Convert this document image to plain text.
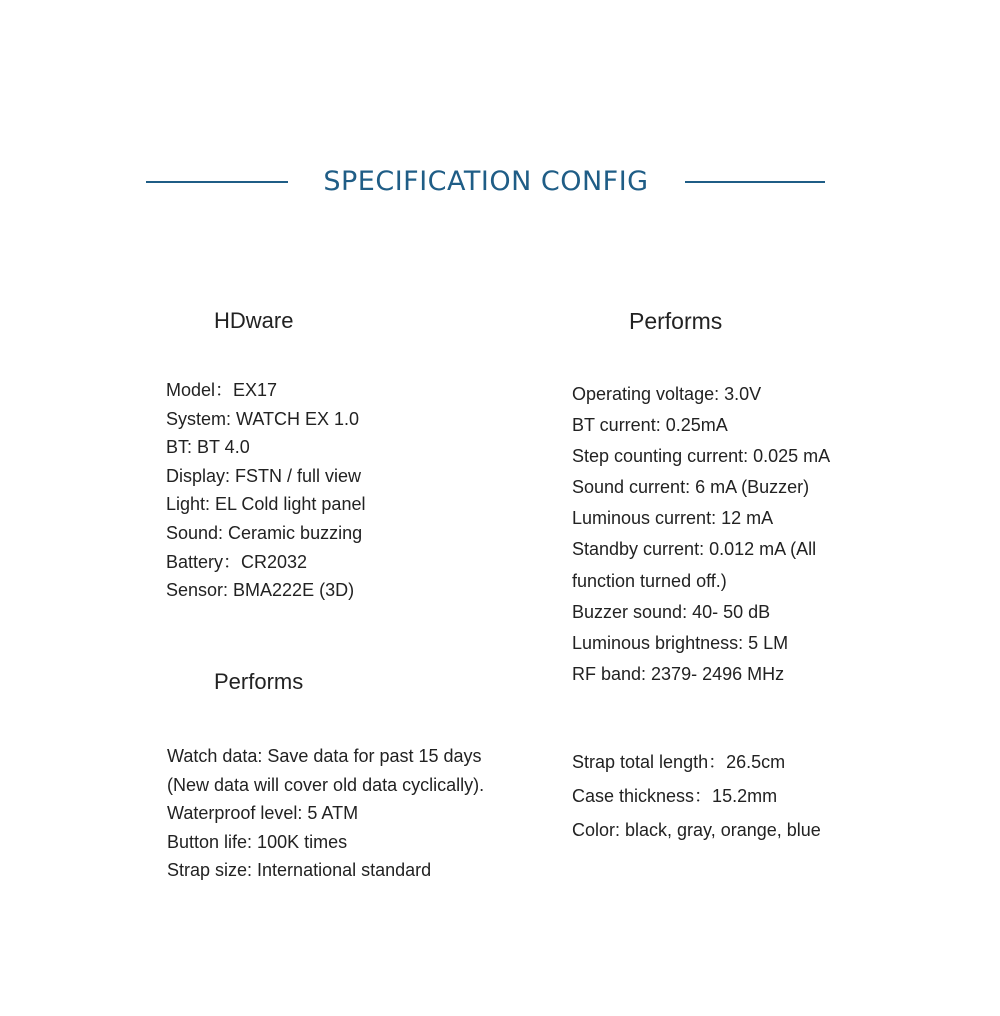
SPECIFICATION CONFIG
HDware
Model：EX17
System: WATCH EX 1.0
BT: BT 4.0
Display: FSTN / full view
Light: EL Cold light panel
Sound: Ceramic buzzing
Battery：CR2032
Sensor: BMA222E (3D)
Performs
Watch data: Save data for past 15 days (New data will cover old data cyclically).
Waterproof level: 5 ATM
Button life: 100K times
Strap size: International standard
Performs
Operating voltage: 3.0V
BT current: 0.25mA
Step counting current: 0.025 mA
Sound current: 6 mA (Buzzer)
Luminous current: 12 mA
Standby current: 0.012 mA (All function turned off.)
Buzzer sound: 40- 50 dB
Luminous brightness: 5 LM
RF band: 2379- 2496 MHz
Strap total length：26.5cm
Case thickness：15.2mm
Color: black, gray, orange, blue
